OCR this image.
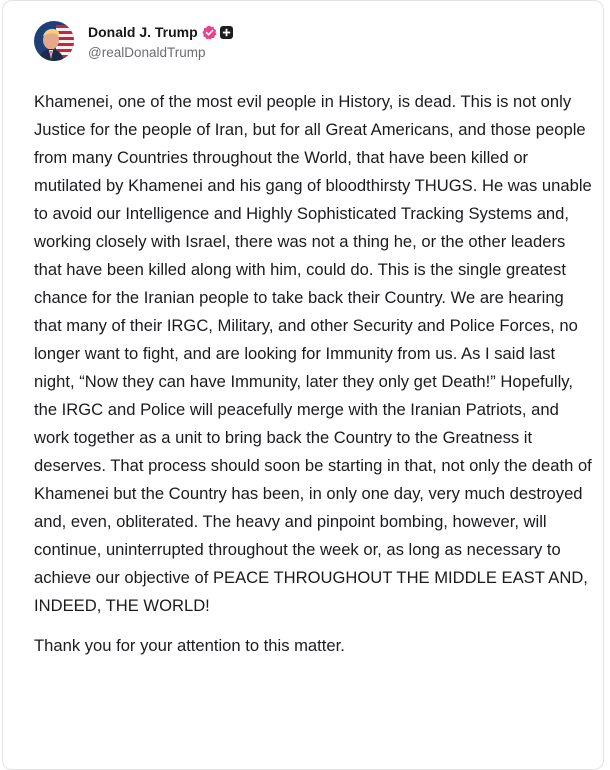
Donald J. Trump
@realDonaldTrump

Khamenei, one of the most evil people in History, is dead. This is not only Justice for the people of Iran, but for all Great Americans, and those people from many Countries throughout the World, that have been killed or mutilated by Khamenei and his gang of bloodthirsty THUGS. He was unable to avoid our Intelligence and Highly Sophisticated Tracking Systems and, working closely with Israel, there was not a thing he, or the other leaders that have been killed along with him, could do. This is the single greatest chance for the Iranian people to take back their Country. We are hearing that many of their IRGC, Military, and other Security and Police Forces, no longer want to fight, and are looking for Immunity from us. As I said last night, “Now they can have Immunity, later they only get Death!” Hopefully, the IRGC and Police will peacefully merge with the Iranian Patriots, and work together as a unit to bring back the Country to the Greatness it deserves. That process should soon be starting in that, not only the death of Khamenei but the Country has been, in only one day, very much destroyed and, even, obliterated. The heavy and pinpoint bombing, however, will continue, uninterrupted throughout the week or, as long as necessary to achieve our objective of PEACE THROUGHOUT THE MIDDLE EAST AND, INDEED, THE WORLD!

Thank you for your attention to this matter.
